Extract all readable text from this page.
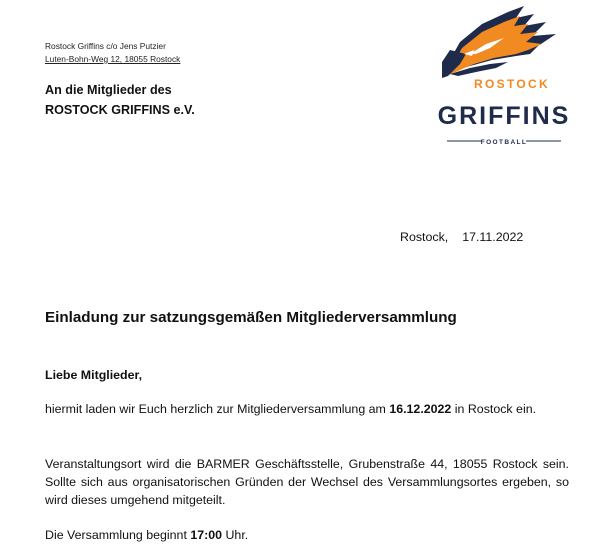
Rostock Griffins c/o Jens Putzier
Luten-Bohn-Weg 12, 18055 Rostock
An die Mitglieder des
ROSTOCK GRIFFINS e.V.
ROSTOCK
GRIFFINS
FOOTBALL
Rostock, 17.11.2022
Einladung zur satzungsgemäßen Mitgliederversammlung
Liebe Mitglieder,
hiermit laden wir Euch herzlich zur Mitgliederversammlung am 16.12.2022 in Rostock ein.
Veranstaltungsort wird die BARMER Geschäftsstelle, Grubenstraße 44, 18055 Rostock sein. Sollte sich aus organisatorischen Gründen der Wechsel des Versammlungsortes ergeben, so wird dieses umgehend mitgeteilt.
Die Versammlung beginnt 17:00 Uhr.
